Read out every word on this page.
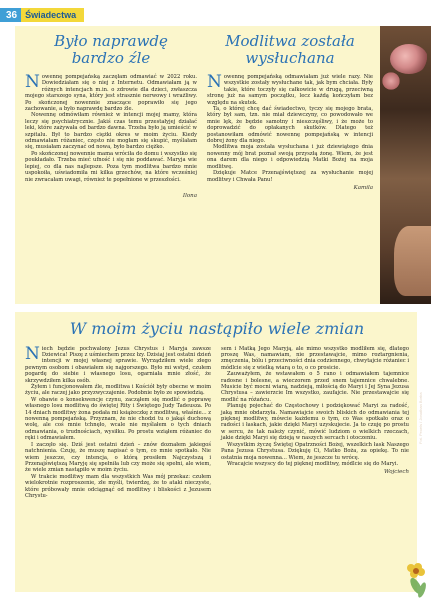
36 Świadectwa
Było naprawdę bardzo źle

Nowennę pompejańską zaczęłam odmawiać w 2022 roku. Dowiedziałam się o niej z Internetu. Odmawiałam ją w różnych intencjach m.in. o zdrowie dla dzieci, zwłaszcza mojego starszego syna, który jest strasznie nerwowy i wrażliwy. Po skończonej nowennie znaczące poprawiło się jego zachowanie, a było naprawdę bardzo źle.

Nowennę odmówiłam również w intencji mojej mamy, która leczy się psychiatrycznie. Jakiś czas temu przestałyjej działać leki, które zażywała od bardzo dawna. Trzeba było ją umieścić w szpitalu. Był to bardzo ciężki okres w moim życiu. Kiedy odmawiałam różaniec, często nie mogłam się skupić, myślałam się, musiałam zaczynać od nowa, było bardzo ciężko.

Po skończonej nowennie mama wróciła do domu i wszystko się poukładało. Trzeba mieć ufność i się nie poddawać. Maryja wie lepiej, co dla nas najlepsze. Poza tym modlitwa bardzo mnie uspokoiła, uświadomiła mi kilka grzechów, na które wcześniej nie zwracałam uwagi, również te popełnione w przeszłości.

Ilona
Modlitwa została wysłuchana

Nowennę pompejańską odmawiałam już wiele razy. Nie wszystkie zostały wysłuchane tak, jak bym chciała. Były takie, które toczyły się całkowicie w drugą, przeciwną stronę już na samym początku, lecz każdą kończyłam bez względu na skutek.

Ta, o której chcę dać świadectwo, tyczy się mojego brata, który był sam, tzn. nie miał dziewczyny, co powodowało we mnie lęk, że będzie samotny i nieszczęśliwy, i że może to doprowadzić do opłakanych skutków. Dlatego też postanowiłam odmówić nowennę pompejańską w intencji dobrej żony dla niego.

Modlitwa moja została wysłuchana i już dziewiątego dnia nowenny mój brat poznał swoją przyszłą żonę. Wiem, że jest ona darem dla niego i odpowiedzią Matki Bożej na moja modlitwę.

Dziękuje Matce Przenajświętszej za wysłuchanie mojej modlitwy i Chwała Panu!

Kamila
Fot. Pexels / Jonathan Borba
W moim życiu nastąpiło wiele zmian

Niech będzie pochwalony Jezus Chrystus i Maryja zawsze Dziewica! Piszę z uśmiechem przez łzy. Dzisiaj jest ostatni dzień intencji w mojej własnej sprawie. Wyrządziłem wiele złego pewnym osobom i obawiałem się najgorszego. Było mi wstyd, czułem pogardę do siebie i własnego losu, ogarniała mnie złość, że skrzywdziłem kilka osób.

Żyłem i funcjonowałem źle, modlitwa i Kościół były obecne w moim życiu, ale raczej jako przyzwyczajenie. Podobnie było ze spowiedzią.

W obawie o konsekwencje czynu, zacząłem się modlić o poprawę własnego losu modlitwą do świętej Rity i Świętego Judy Tadeusza. Po 14 dniach modlitwy żona podała mi książeczkę z modlitwą, właśnie... z nowenną pompejańską. Przyznam, że nie chodzi tu o jakąś duchową wolę, ale coś mnie tchnęło, wcale nie myślałem o tych dniach odmawiania, o trudnościach, wysiłku. Po prostu wziąłem różaniec do ręki i odmawiałem.

I zaczęło się. Dziś jest ostatni dzień – znów doznałem jakiegoś natchnienia. Czuję, że muszę napisać o tym, co mnie spotkało. Nie wiem jeszcze, czy intencja, o którą prosiłem Najczystszą i Przenajświętszą Maryję się spełniła lub czy może się spełni, ale wiem, że wiele zmian nastąpiło w moim życiu.

W trakcie modlitwy mam dla wszystkich Was mój przekaz: czułem wielokrotnie rozproszenie, złe myśli, twierdzę, że to ataki nieczyste, które próbowały mnie odciągnąć od modlitwy i bliskości z Jezusem Chrystu-

sem i Matką Jego Maryją, ale mimo wszystko modliłem się, dlatego proszę Was, namawiam, nie przestawajcie, mimo roztargnienia, zmęczenia, bólu i przeciwności dnia codziennego, chwytajcie różaniec i módlcie się z wielką wiarą o to, o co prosicie.

Zauważyłem, że wstawałem o 5 rano i odmawiałem tajemnice radosne i bolesne, a wieczorem przed snem tajemnice chwalebne. Musicie być mocni wiarą, nadzieją, miłością do Maryi i Jej Syna Jezusa Chrystusa – zawierzcie Im wszystko, zaufajcie. Nie przestawajcie się modlić na różańcu.

Planuję pojechać do Częstochowy i podziękować Maryi za radość, jaką mnie obdarzyła. Namawiajcie swoich bliskich do odmawiania tej pięknej modlitwy, mówcie każdemu o tym, co Was spotkało oraz o radości i łaskach, jakie dzięki Maryi uzyskujecie. Ja to czuję po prostu w sercu, że tak należy czynić, mówić ludziom o wielkich rzeczach, jakie dzięki Maryi się dzieją w naszych sercach i otoczeniu.

Wszystkim życzę Świętej Opatrzności Bożej, wszelkich łask Naszego Pana Jezusa Chrystusa. Dziękuję Ci, Matko Boża, za opiekę. To nie ostatnia moja nowenna... Wiem, że jeszcze tu wrócę.

Wracajcie wszyscy do tej pięknej modlitwy, módlcie się do Maryi.

Wojciech
